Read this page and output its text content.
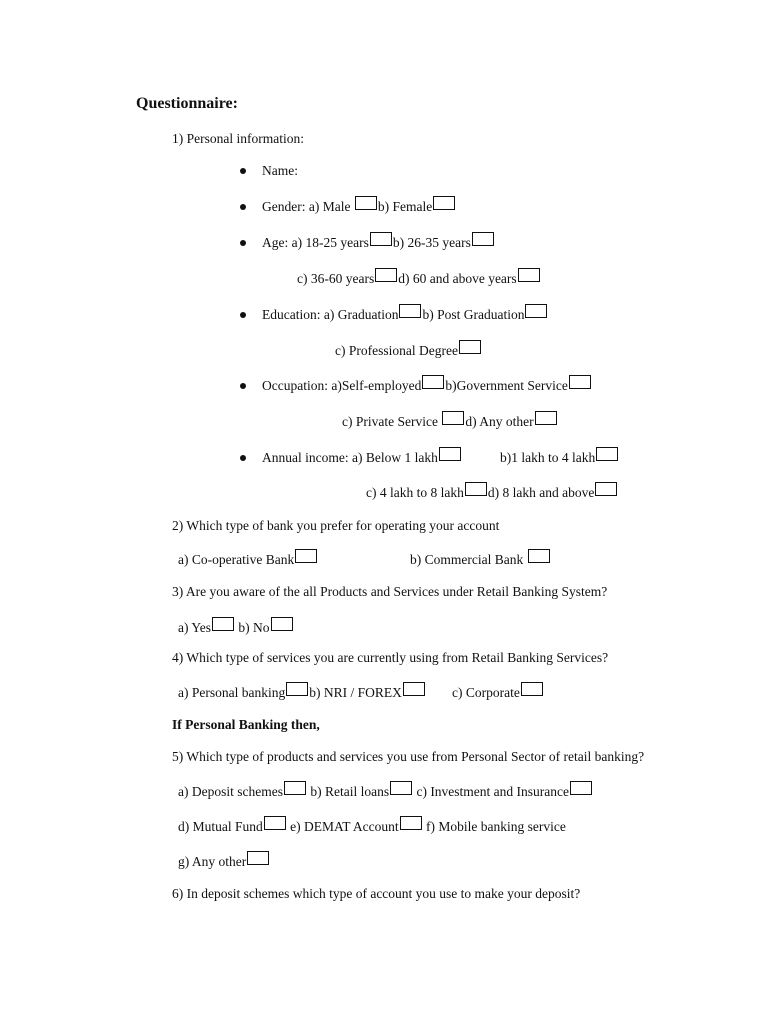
Questionnaire:
1) Personal information:
Name:
Gender: a) Male b) Female
Age: a) 18-25 years b) 26-35 years
c) 36-60 years d) 60 and above years
Education: a) Graduation b) Post Graduation
c) Professional Degree
Occupation: a)Self-employed b)Government Service
c) Private Service d) Any other
Annual income: a) Below 1 lakh	b)1 lakh to 4 lakh
c) 4 lakh to 8 lakh d) 8 lakh and above
2) Which type of bank you prefer for operating your account
a) Co-operative Bank	b) Commercial Bank
3) Are you aware of the all Products and Services under Retail Banking System?
a) Yes b) No
4) Which type of services you are currently using from Retail Banking Services?
a) Personal banking b) NRI / FOREX	c) Corporate
If Personal Banking then,
5) Which type of products and services you use from Personal Sector of retail banking?
a) Deposit schemes b) Retail loans c) Investment and Insurance
d) Mutual Fund e) DEMAT Account f) Mobile banking service
g) Any other
6) In deposit schemes which type of account you use to make your deposit?
